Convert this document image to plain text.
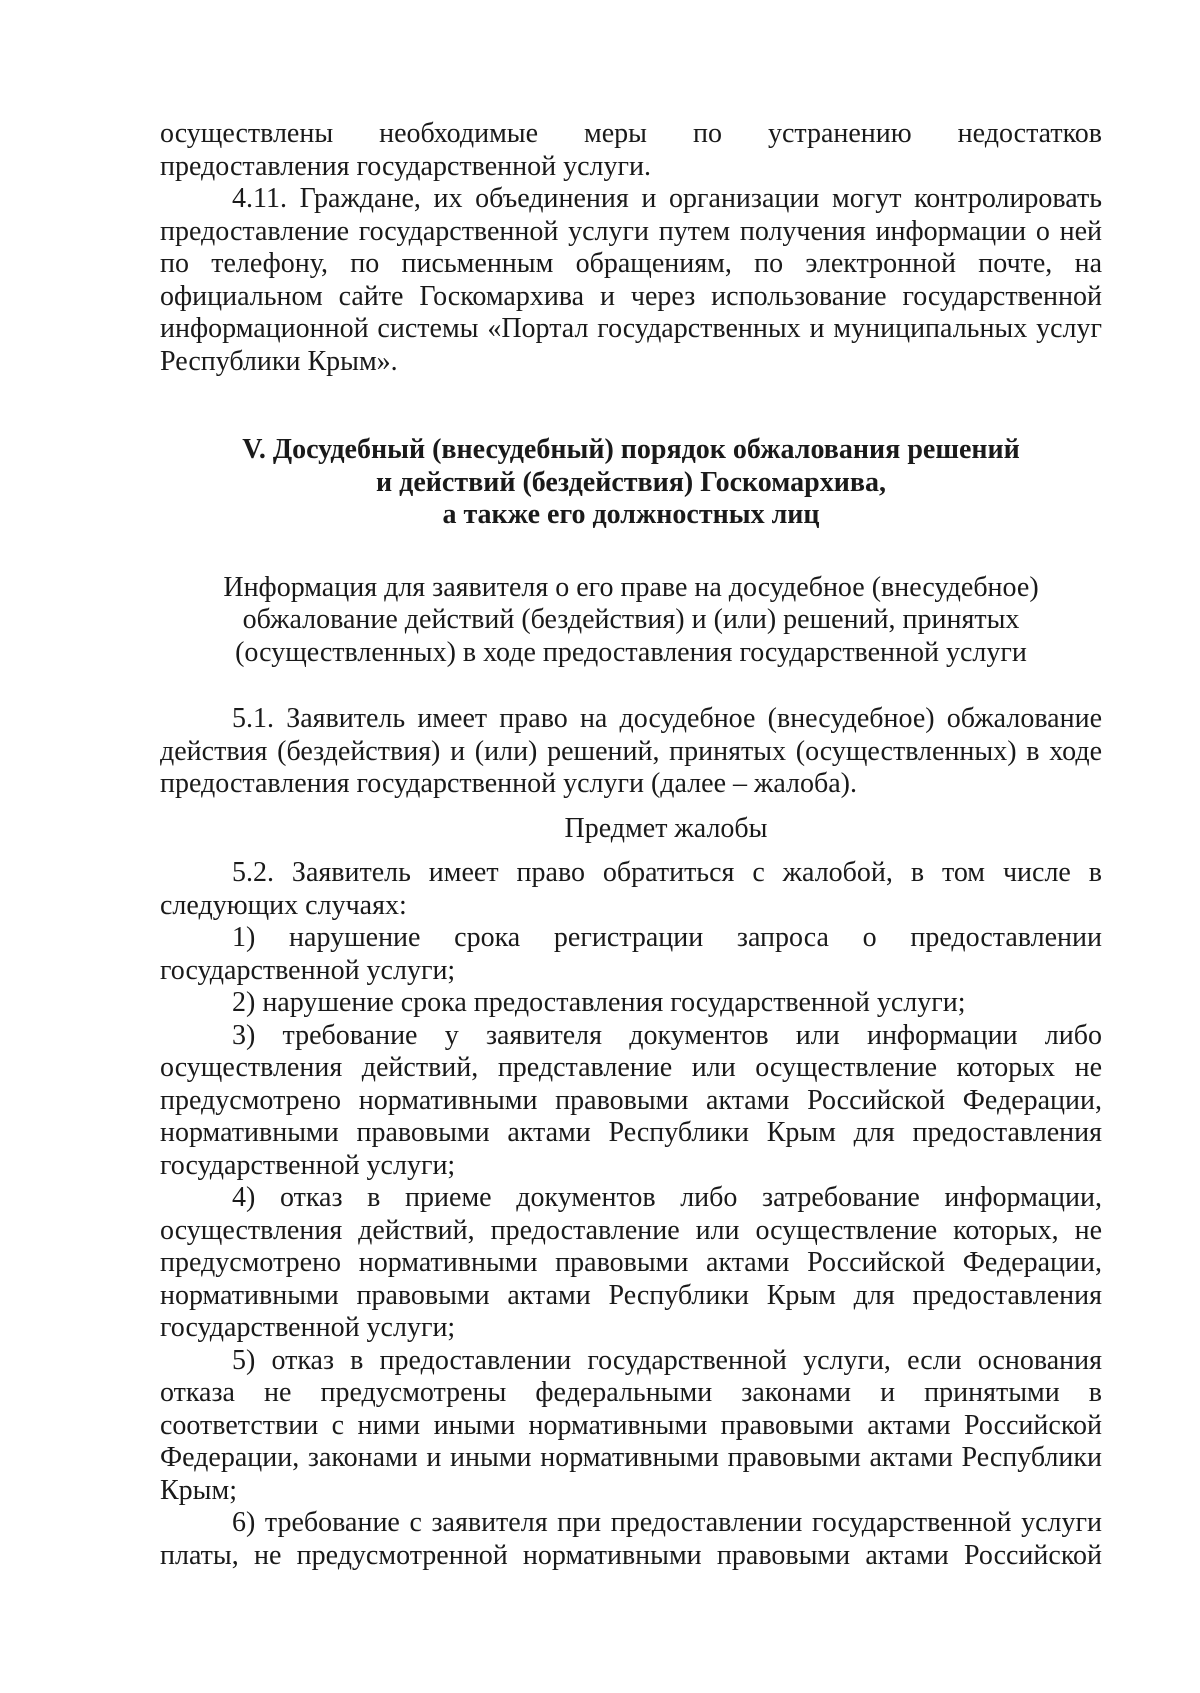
осуществлены необходимые меры по устранению недостатков

предоставления государственной услуги.

4.11. Граждане, их объединения и организации могут контролировать предоставление государственной услуги путем получения информации о ней по телефону, по письменным обращениям, по электронной почте, на официальном сайте Госкомархива и через использование государственной информационной системы «Портал государственных и муниципальных услуг Республики Крым».

V. Досудебный (внесудебный) порядок обжалования решений
и действий (бездействия) Госкомархива,
а также его должностных лиц

Информация для заявителя о его праве на досудебное (внесудебное)
обжалование действий (бездействия) и (или) решений, принятых
(осуществленных) в ходе предоставления государственной услуги

5.1. Заявитель имеет право на досудебное (внесудебное) обжалование действия (бездействия) и (или) решений, принятых (осуществленных) в ходе предоставления государственной услуги (далее – жалоба).

Предмет жалобы

5.2. Заявитель имеет право обратиться с жалобой, в том числе в следующих случаях:

1) нарушение срока регистрации запроса о предоставлении государственной услуги;

2) нарушение срока предоставления государственной услуги;

3) требование у заявителя документов или информации либо осуществления действий, представление или осуществление которых не предусмотрено нормативными правовыми актами Российской Федерации, нормативными правовыми актами Республики Крым для предоставления государственной услуги;

4) отказ в приеме документов либо затребование информации, осуществления действий, предоставление или осуществление которых, не предусмотрено нормативными правовыми актами Российской Федерации, нормативными правовыми актами Республики Крым для предоставления государственной услуги;

5) отказ в предоставлении государственной услуги, если основания отказа не предусмотрены федеральными законами и принятыми в соответствии с ними иными нормативными правовыми актами Российской Федерации, законами и иными нормативными правовыми актами Республики Крым;

6) требование с заявителя при предоставлении государственной услуги платы, не предусмотренной нормативными правовыми актами Российской
